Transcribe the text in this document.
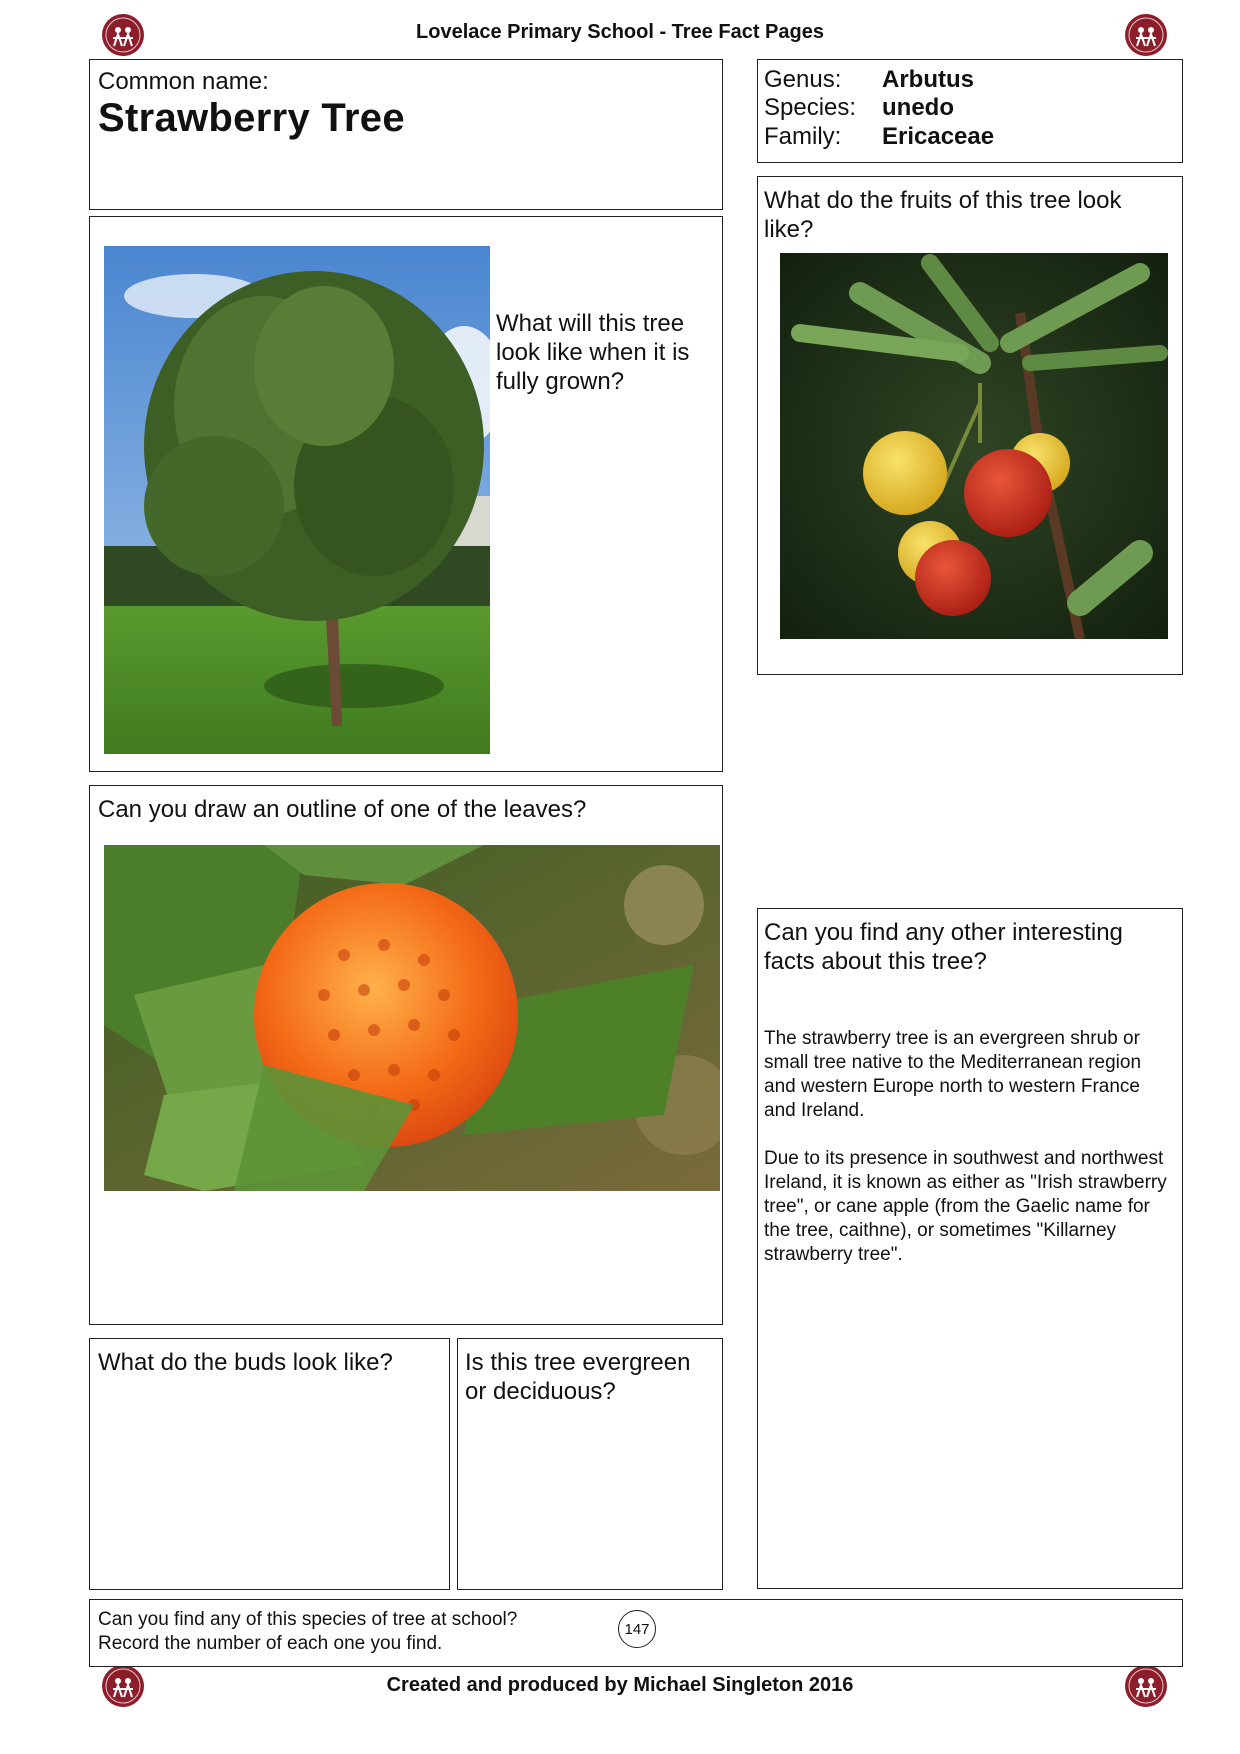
Lovelace Primary School - Tree Fact Pages
Common name:
Strawberry Tree
Genus: Arbutus
Species: unedo
Family: Ericaceae
What will this tree look like when it is fully grown?
What do the fruits of this tree look like?
Can you draw an outline of one of the leaves?
Can you find any other interesting facts about this tree?

The strawberry tree is an evergreen shrub or small tree native to the Mediterranean region and western Europe north to western France and Ireland.

Due to its presence in southwest and northwest Ireland, it is known as either as "Irish strawberry tree", or cane apple (from the Gaelic name for the tree, caithne), or sometimes "Killarney strawberry tree".

What do the buds look like?	Is this tree evergreen or deciduous?
Can you find any of this species of tree at school?
Record the number of each one you find.
147
Created and produced by Michael Singleton 2016
